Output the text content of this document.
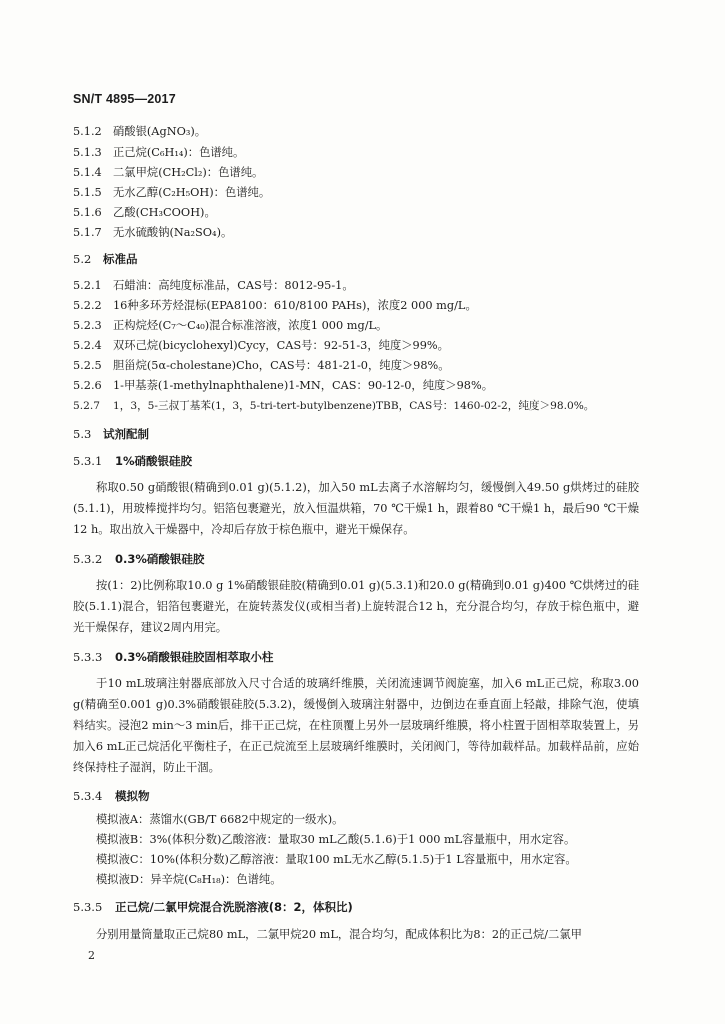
SN/T 4895—2017
5.1.2 硝酸银(AgNO₃)。
5.1.3 正己烷(C₆H₁₄)：色谱纯。
5.1.4 二氯甲烷(CH₂Cl₂)：色谱纯。
5.1.5 无水乙醇(C₂H₅OH)：色谱纯。
5.1.6 乙酸(CH₃COOH)。
5.1.7 无水硫酸钠(Na₂SO₄)。
5.2 标准品
5.2.1 石蜡油：高纯度标准品，CAS号：8012-95-1。
5.2.2 16种多环芳烃混标(EPA8100：610/8100 PAHs)，浓度2 000 mg/L。
5.2.3 正构烷烃(C₇～C₄₀)混合标准溶液，浓度1 000 mg/L。
5.2.4 双环己烷(bicyclohexyl)Cycy，CAS号：92-51-3，纯度＞99%。
5.2.5 胆甾烷(5α-cholestane)Cho，CAS号：481-21-0，纯度＞98%。
5.2.6 1-甲基萘(1-methylnaphthalene)1-MN，CAS：90-12-0，纯度＞98%。
5.2.7 1，3，5-三叔丁基苯(1，3，5-tri-tert-butylbenzene)TBB，CAS号：1460-02-2，纯度＞98.0%。
5.3 试剂配制
5.3.1 1%硝酸银硅胶
称取0.50 g硝酸银(精确到0.01 g)(5.1.2)，加入50 mL去离子水溶解均匀，缓慢倒入49.50 g烘烤过的硅胶(5.1.1)，用玻棒搅拌均匀。铝箔包裹避光，放入恒温烘箱，70 ℃干燥1 h，跟着80 ℃干燥1 h，最后90 ℃干燥12 h。取出放入干燥器中，冷却后存放于棕色瓶中，避光干燥保存。
5.3.2 0.3%硝酸银硅胶
按(1：2)比例称取10.0 g 1%硝酸银硅胶(精确到0.01 g)(5.3.1)和20.0 g(精确到0.01 g)400 ℃烘烤过的硅胶(5.1.1)混合，铝箔包裹避光，在旋转蒸发仪(或相当者)上旋转混合12 h，充分混合均匀，存放于棕色瓶中，避光干燥保存，建议2周内用完。
5.3.3 0.3%硝酸银硅胶固相萃取小柱
于10 mL玻璃注射器底部放入尺寸合适的玻璃纤维膜，关闭流速调节阀旋塞，加入6 mL正己烷，称取3.00 g(精确至0.001 g)0.3%硝酸银硅胶(5.3.2)，缓慢倒入玻璃注射器中，边倒边在垂直面上轻敲，排除气泡，使填料结实。浸泡2 min～3 min后，排干正己烷，在柱顶覆上另外一层玻璃纤维膜，将小柱置于固相萃取装置上，另加入6 mL正己烷活化平衡柱子，在正己烷流至上层玻璃纤维膜时，关闭阀门，等待加载样品。加载样品前，应始终保持柱子湿润，防止干涸。
5.3.4 模拟物
模拟液A：蒸馏水(GB/T 6682中规定的一级水)。
模拟液B：3%(体积分数)乙酸溶液：量取30 mL乙酸(5.1.6)于1 000 mL容量瓶中，用水定容。
模拟液C：10%(体积分数)乙醇溶液：量取100 mL无水乙醇(5.1.5)于1 L容量瓶中，用水定容。
模拟液D：异辛烷(C₈H₁₈)：色谱纯。
5.3.5 正己烷/二氯甲烷混合洗脱溶液(8：2，体积比)
分别用量筒量取正己烷80 mL，二氯甲烷20 mL，混合均匀，配成体积比为8：2的正己烷/二氯甲
2
